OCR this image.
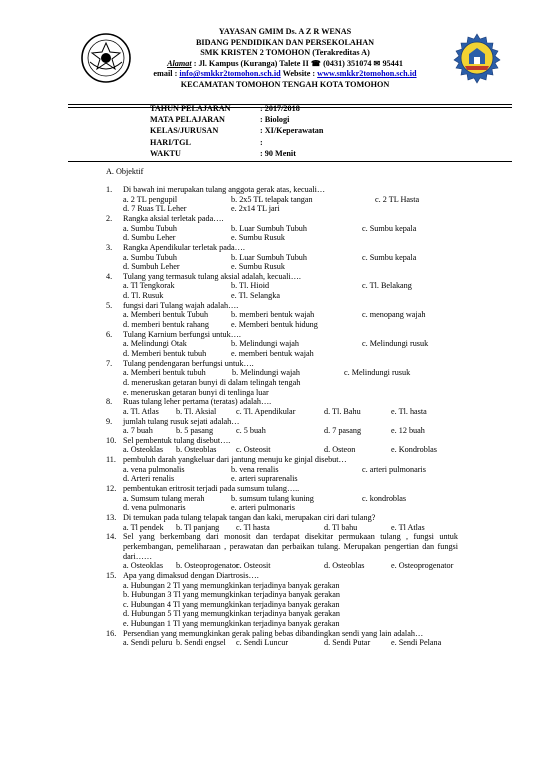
YAYASAN GMIM Ds. A Z R WENAS
BIDANG PENDIDIKAN DAN PERSEKOLAHAN
SMK KRISTEN 2 TOMOHON (Terakreditas A)
Alamat : Jl. Kampus (Kuranga) Talete II ☎ (0431) 351074 ✉ 95441
email : info@smkkr2tomohon.sch.id Website : www.smkkr2tomohon.sch.id
KECAMATAN TOMOHON TENGAH KOTA TOMOHON
TAHUN PELAJARAN	: 2017/2018
MATA PELAJARAN	: Biologi
KELAS/JURUSAN	: XI/Keperawatan
HARI/TGL	:
WAKTU	: 90 Menit
A. Objektif
1.	Di bawah ini merupakan tulang anggota gerak atas, kecuali…
a. 2 TL pengupil	b. 2x5 TL telapak tangan	c. 2 TL Hasta
d. 7 Ruas TL Leher	e. 2x14 TL jari
2.	Rangka aksial terletak pada….
a. Sumbu Tubuh	b. Luar Sumbuh Tubuh	c. Sumbu kepala
d. Sumbu Leher	e. Sumbu Rusuk
3.	Rangka Apendikular terletak pada….
a. Sumbu Tubuh	b. Luar Sumbuh Tubuh	c. Sumbu kepala
d. Sumbuh Leher	e. Sumbu Rusuk
4.	Tulang yang termasuk tulang aksial adalah, kecuali….
a. Tl Tengkorak	b. Tl. Hioid	c. Tl. Belakang
d. Tl. Rusuk	e. Tl. Selangka
5.	fungsi dari Tulang wajah adalah….
a. Memberi bentuk Tubuh	b. memberi bentuk wajah	c. menopang wajah
d. memberi bentuk rahang	e. Memberi bentuk hidung
6.	Tulang Karnium berfungsi untuk….
a. Melindungi Otak	b. Melindungi wajah	c. Melindungi rusuk
d. Memberi bentuk tubuh	e. memberi bentuk wajah
7.	Tulang pendengaran berfungsi untuk….
a. Memberi bentuk tubuh	b. Melindungi wajah	c. Melindungi rusuk
d. meneruskan getaran bunyi di dalam telingah tengah
e. meneruskan getaran bunyi di tenlinga luar
8.	Ruas tulang leher pertama (teratas) adalah….
a. Tl. Atlas b. Tl. Aksial c. Tl. Apendikular	d. Tl. Bahu	e. Tl. hasta
9.	jumlah tulang rusuk sejati adalah…
a. 7 buah	b. 5 pasang	c. 5 buah	d. 7 pasang	e. 12 buah
10. Sel pembentuk tulang disebut….
a. Osteoklas b. Osteoblas c. Osteosit	d. Osteon	e. Kondroblas
11. pembuluh darah yangkeluar dari jantung menuju ke ginjal disebut…
a. vena pulmonalis	b. vena renalis	c. arteri pulmonaris
d. Arteri renalis	e. arteri suprarenalis
12. pembentukan eritrosit terjadi pada sumsum tulang…..
a. Sumsum tulang merah	b. sumsum tulang kuning	c. kondroblas
d. vena pulmonaris	e. arteri pulmonaris
13. Di temukan pada tulang telapak tangan dan kaki, merupakan ciri dari tulang?
a. Tl pendek b. Tl panjang c. Tl hasta	d. Tl bahu	e. Tl Atlas
14. Sel yang berkembang dari monosit dan terdapat disekitar permukaan tulang , fungsi untuk perkembangan, pemeliharaan , perawatan dan perbaikan tulang. Merupakan pengertian dan fungsi dari……
a. Osteoklas b. Osteoprogenator
c. Osteosit	d. Osteoblas	e. Osteoprogenator
15. Apa yang dimaksud dengan Diartrosis….
a. Hubungan 2 Tl yang memungkinkan terjadinya banyak gerakan
b. Hubungan 3 Tl yang memungkinkan terjadinya banyak gerakan
c. Hubungan 4 Tl yang memungkinkan terjadinya banyak gerakan
d. Hubungan 5 Tl yang memungkinkan terjadinya banyak gerakan
e. Hubungan 1 Tl yang memungkinkan terjadinya banyak gerakan
16. Persendian yang memungkinkan gerak paling bebas dibandingkan sendi yang lain adalah…
a. Sendi peluru b. Sendi engsel c. Sendi Luncur	d. Sendi Putar	e. Sendi Pelana
